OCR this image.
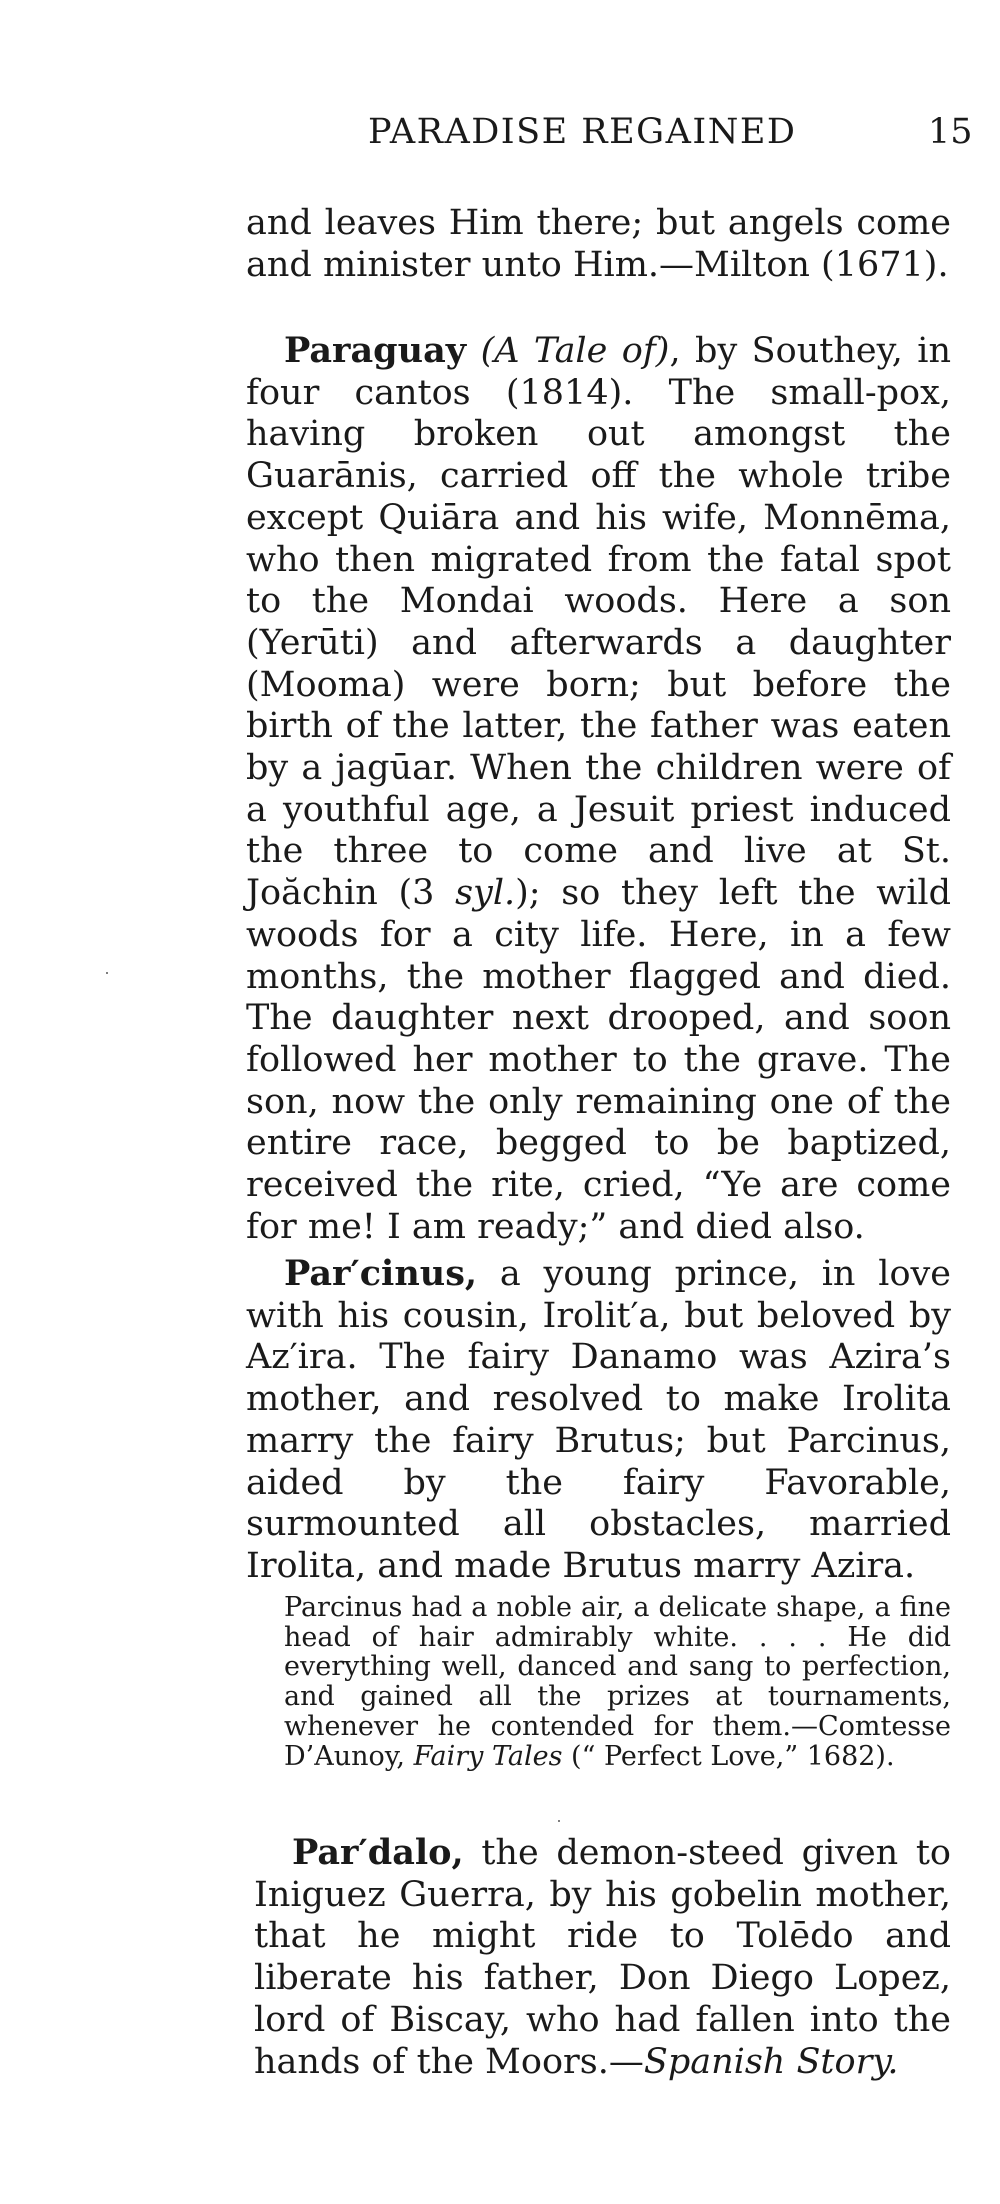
PARADISE REGAINED	15

and leaves Him there; but angels come and minister unto Him.—Milton (1671).

Paraguay (A Tale of), by Southey, in four cantos (1814). The small-pox, having broken out amongst the Guarānis, carried off the whole tribe except Quiāra and his wife, Monnēma, who then migrated from the fatal spot to the Mondai woods. Here a son (Yerūti) and afterwards a daughter (Mooma) were born; but before the birth of the latter, the father was eaten by a jagūar. When the children were of a youthful age, a Jesuit priest induced the three to come and live at St. Joăchin (3 syl.); so they left the wild woods for a city life. Here, in a few months, the mother flagged and died. The daughter next drooped, and soon followed her mother to the grave. The son, now the only remaining one of the entire race, begged to be baptized, received the rite, cried, “Ye are come for me! I am ready;” and died also.

Par′cinus, a young prince, in love with his cousin, Irolit′a, but beloved by Az′ira. The fairy Danamo was Azira’s mother, and resolved to make Irolita marry the fairy Brutus; but Parcinus, aided by the fairy Favorable, surmounted all obstacles, married Irolita, and made Brutus marry Azira.

Parcinus had a noble air, a delicate shape, a fine head of hair admirably white. . . . He did everything well, danced and sang to perfection, and gained all the prizes at tournaments, whenever he contended for them.—Comtesse D’Aunoy, Fairy Tales (“ Perfect Love,” 1682).

Par′dalo, the demon-steed given to Iniguez Guerra, by his gobelin mother, that he might ride to Tolēdo and liberate his father, Don Diego Lopez, lord of Biscay, who had fallen into the hands of the Moors.—Spanish Story.
